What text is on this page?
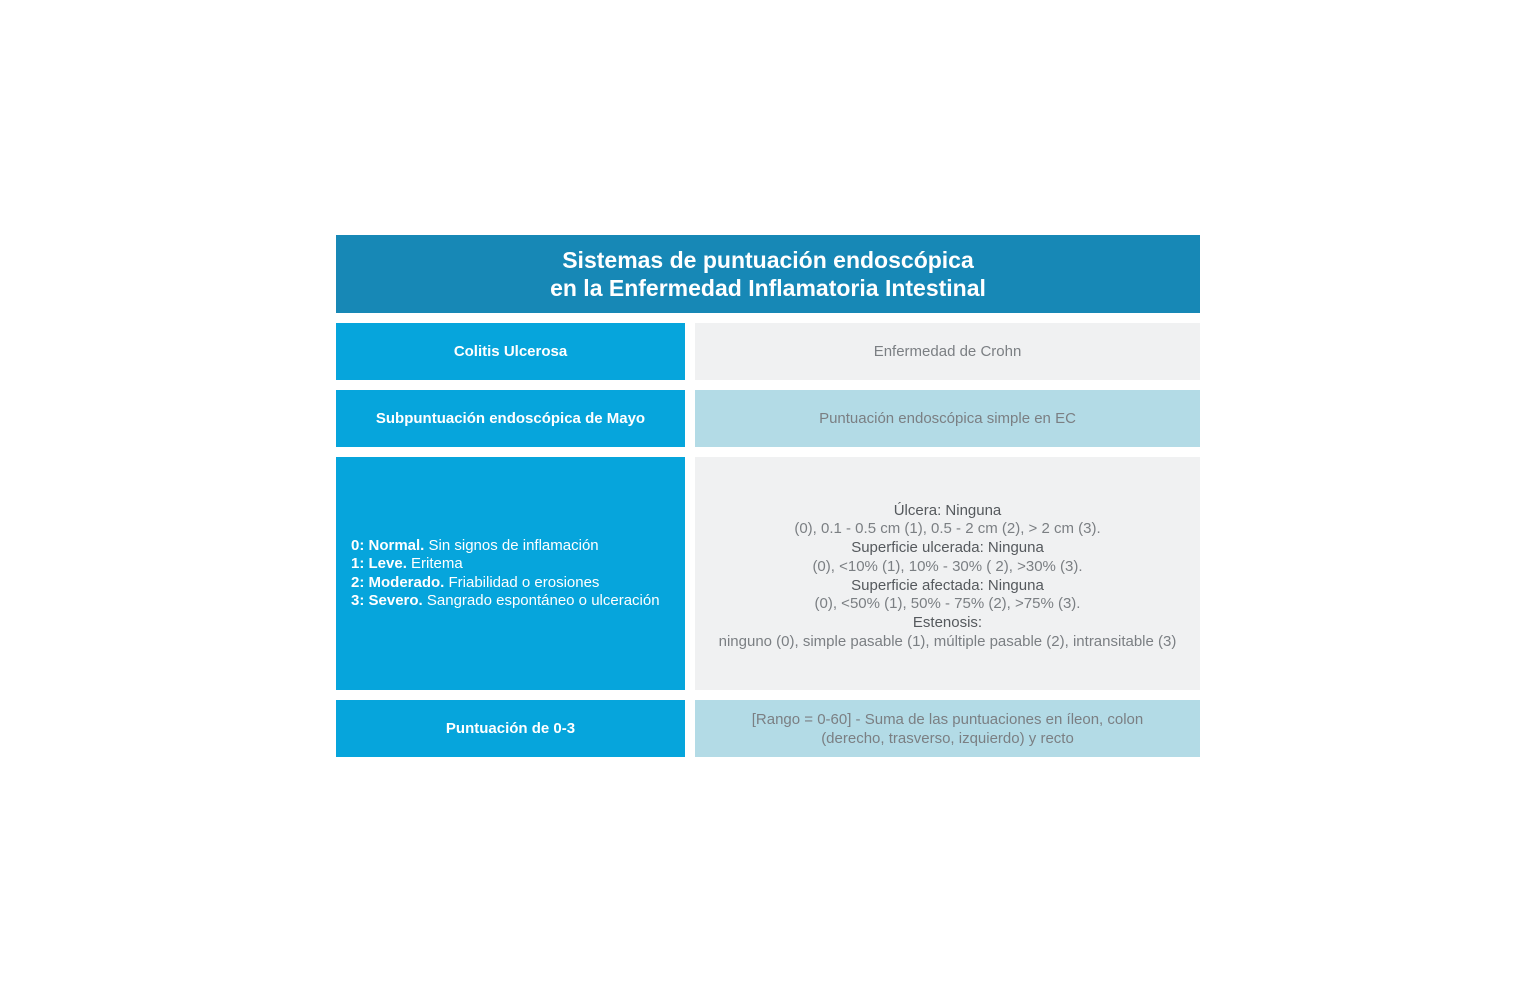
Sistemas de puntuación endoscópica
en la Enfermedad Inflamatoria Intestinal
Colitis Ulcerosa	Enfermedad de Crohn
Subpuntuación endoscópica de Mayo	Puntuación endoscópica simple en EC
0: Normal. Sin signos de inflamación
1: Leve. Eritema
2: Moderado. Friabilidad o erosiones
3: Severo. Sangrado espontáneo o ulceración
Úlcera: Ninguna
(0), 0.1 - 0.5 cm (1), 0.5 - 2 cm (2), > 2 cm (3).
Superficie ulcerada: Ninguna
(0), <10% (1), 10% - 30% ( 2), >30% (3).
Superficie afectada: Ninguna
(0), <50% (1), 50% - 75% (2), >75% (3).
Estenosis:
ninguno (0), simple pasable (1), múltiple pasable (2), intransitable (3)
Puntuación de 0-3
[Rango = 0-60] - Suma de las puntuaciones en íleon, colon
(derecho, trasverso, izquierdo) y recto
